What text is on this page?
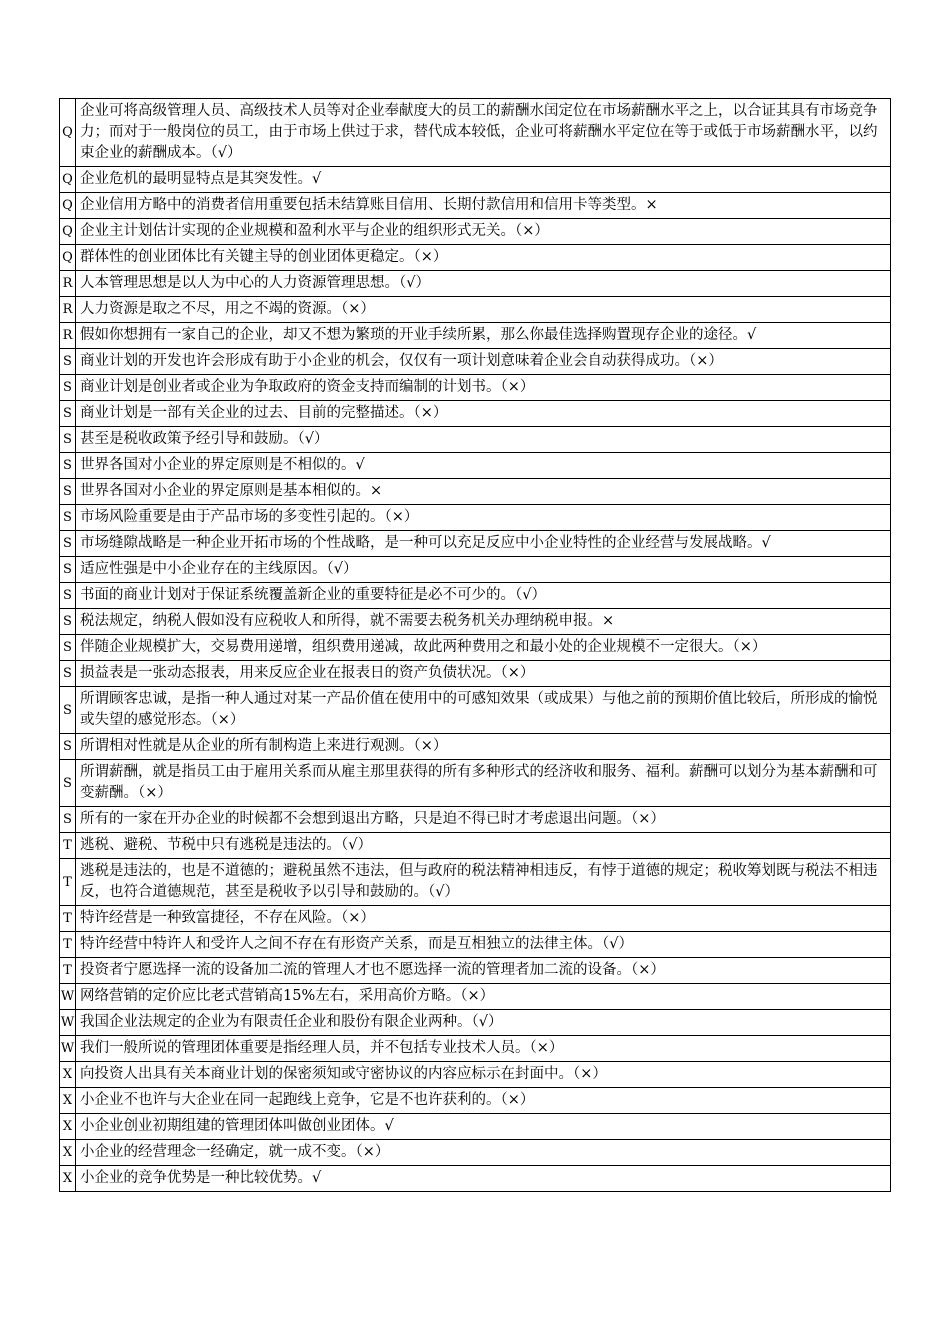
Q	企业可将高级管理人员、高级技术人员等对企业奉献度大的员工的薪酬水闰定位在市场薪酬水平之上，以合证其具有市场竞争力；而对于一般岗位的员工，由于市场上供过于求，替代成本较低，企业可将薪酬水平定位在等于或低于市场薪酬水平，以约束企业的薪酬成本。（√）
Q	企业危机的最明显特点是其突发性。√
Q	企业信用方略中的消费者信用重要包括未结算账目信用、长期付款信用和信用卡等类型。×
Q	企业主计划估计实现的企业规模和盈利水平与企业的组织形式无关。（×）
Q	群体性的创业团体比有关键主导的创业团体更稳定。（×）
R	人本管理思想是以人为中心的人力资源管理思想。（√）
R	人力资源是取之不尽，用之不竭的资源。（×）
R	假如你想拥有一家自己的企业，却又不想为繁琐的开业手续所累，那么你最佳选择购置现存企业的途径。√
S	商业计划的开发也许会形成有助于小企业的机会，仅仅有一项计划意味着企业会自动获得成功。（×）
S	商业计划是创业者或企业为争取政府的资金支持而编制的计划书。（×）
S	商业计划是一部有关企业的过去、目前的完整描述。（×）
S	甚至是税收政策予经引导和鼓励。（√）
S	世界各国对小企业的界定原则是不相似的。√
S	世界各国对小企业的界定原则是基本相似的。×
S	市场风险重要是由于产品市场的多变性引起的。（×）
S	市场缝隙战略是一种企业开拓市场的个性战略，是一种可以充足反应中小企业特性的企业经营与发展战略。√
S	适应性强是中小企业存在的主线原因。（√）
S	书面的商业计划对于保证系统覆盖新企业的重要特征是必不可少的。（√）
S	税法规定，纳税人假如没有应税收人和所得，就不需要去税务机关办理纳税申报。×
S	伴随企业规模扩大，交易费用递增，组织费用递减，故此两种费用之和最小处的企业规模不一定很大。（×）
S	损益表是一张动态报表，用来反应企业在报表日的资产负债状况。（×）
S	所谓顾客忠诚，是指一种人通过对某一产品价值在使用中的可感知效果（或成果）与他之前的预期价值比较后，所形成的愉悦或失望的感觉形态。（×）
S	所谓相对性就是从企业的所有制构造上来进行观测。（×）
S	所谓薪酬，就是指员工由于雇用关系而从雇主那里获得的所有多种形式的经济收和服务、福利。薪酬可以划分为基本薪酬和可变薪酬。（×）
S	所有的一家在开办企业的时候都不会想到退出方略，只是迫不得已时才考虑退出问题。（×）
T	逃税、避税、节税中只有逃税是违法的。（√）
T	逃税是违法的，也是不道德的；避税虽然不违法，但与政府的税法精神相违反，有悖于道德的规定；税收筹划既与税法不相违反，也符合道德规范，甚至是税收予以引导和鼓励的。（√）
T	特许经营是一种致富捷径，不存在风险。（×）
T	特许经营中特许人和受许人之间不存在有形资产关系，而是互相独立的法律主体。（√）
T	投资者宁愿选择一流的设备加二流的管理人才也不愿选择一流的管理者加二流的设备。（×）
W	网络营销的定价应比老式营销高15%左右，采用高价方略。（×）
W	我国企业法规定的企业为有限责任企业和股份有限企业两种。（√）
W	我们一般所说的管理团体重要是指经理人员，并不包括专业技术人员。（×）
X	向投资人出具有关本商业计划的保密须知或守密协议的内容应标示在封面中。（×）
X	小企业不也许与大企业在同一起跑线上竞争，它是不也许获利的。（×）
X	小企业创业初期组建的管理团体叫做创业团体。√
X	小企业的经营理念一经确定，就一成不变。（×）
X	小企业的竞争优势是一种比较优势。√
